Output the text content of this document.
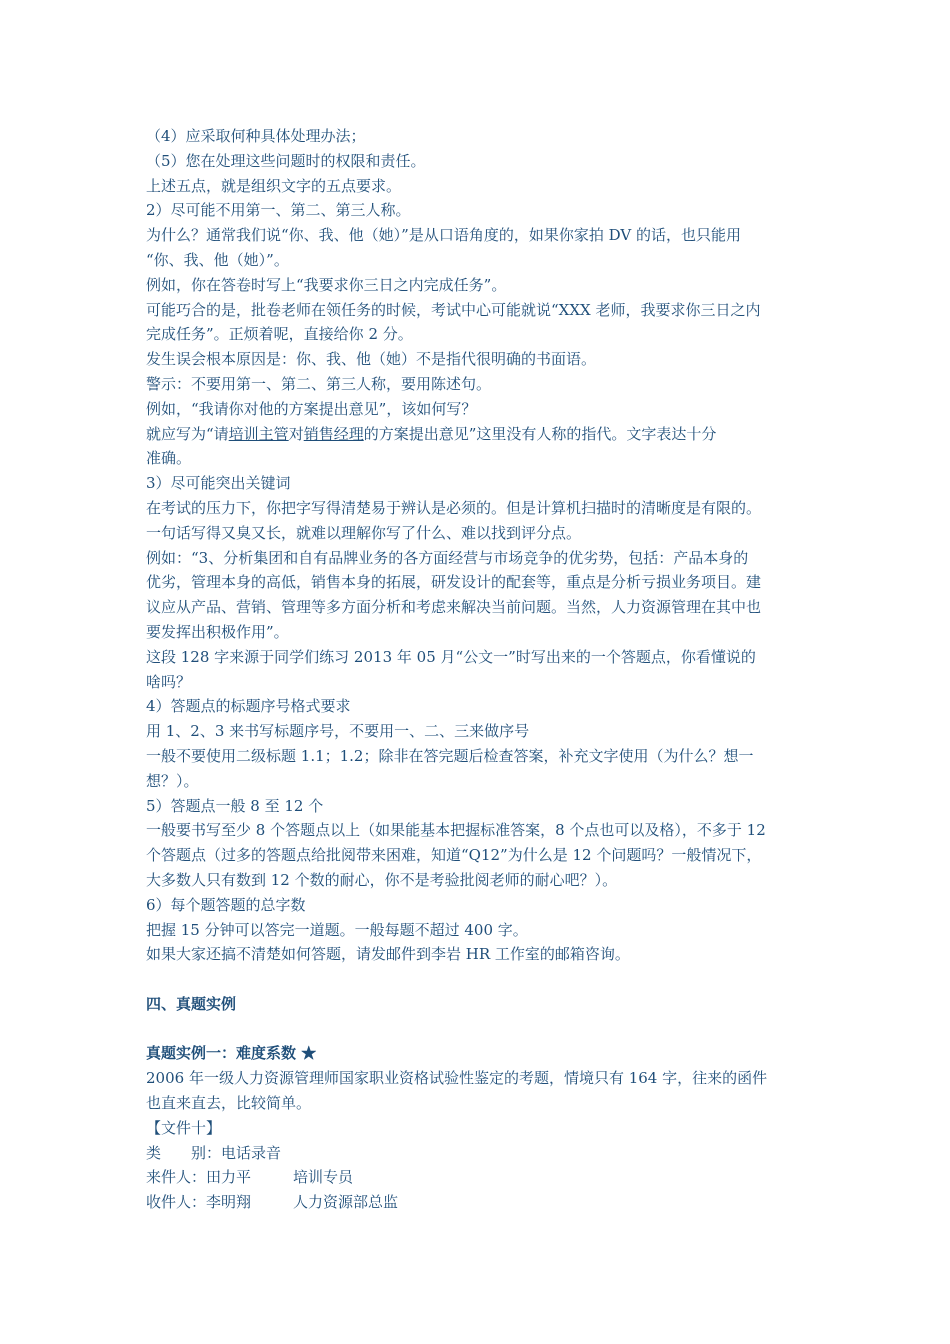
（4）应采取何种具体处理办法；
（5）您在处理这些问题时的权限和责任。
上述五点，就是组织文字的五点要求。
2）尽可能不用第一、第二、第三人称。
为什么？通常我们说“你、我、他（她）”是从口语角度的，如果你家拍 DV 的话，也只能用
“你、我、他（她）”。
例如，你在答卷时写上“我要求你三日之内完成任务”。
可能巧合的是，批卷老师在领任务的时候，考试中心可能就说“XXX 老师，我要求你三日之内
完成任务”。正烦着呢，直接给你 2 分。
发生误会根本原因是：你、我、他（她）不是指代很明确的书面语。
警示：不要用第一、第二、第三人称，要用陈述句。
例如，“我请你对他的方案提出意见”，该如何写？
就应写为“请培训主管对销售经理的方案提出意见”这里没有人称的指代。文字表达十分
准确。
3）尽可能突出关键词
在考试的压力下，你把字写得清楚易于辨认是必须的。但是计算机扫描时的清晰度是有限的。
一句话写得又臭又长，就难以理解你写了什么、难以找到评分点。
例如：“3、分析集团和自有品牌业务的各方面经营与市场竞争的优劣势，包括：产品本身的
优劣，管理本身的高低，销售本身的拓展，研发设计的配套等，重点是分析亏损业务项目。建
议应从产品、营销、管理等多方面分析和考虑来解决当前问题。当然，人力资源管理在其中也
要发挥出积极作用”。
这段 128 字来源于同学们练习 2013 年 05 月“公文一”时写出来的一个答题点，你看懂说的
啥吗？
4）答题点的标题序号格式要求
用 1、2、3 来书写标题序号，不要用一、二、三来做序号
一般不要使用二级标题 1.1；1.2；除非在答完题后检查答案，补充文字使用（为什么？想一
想？）。
5）答题点一般 8 至 12 个
一般要书写至少 8 个答题点以上（如果能基本把握标准答案，8 个点也可以及格），不多于 12
个答题点（过多的答题点给批阅带来困难，知道“Q12”为什么是 12 个问题吗？一般情况下，
大多数人只有数到 12 个数的耐心，你不是考验批阅老师的耐心吧？）。
6）每个题答题的总字数
把握 15 分钟可以答完一道题。一般每题不超过 400 字。
如果大家还搞不清楚如何答题，请发邮件到李岩 HR 工作室的邮箱咨询。
四、真题实例
真题实例一：难度系数 ★
2006 年一级人力资源管理师国家职业资格试验性鉴定的考题，情境只有 164 字，往来的函件
也直来直去，比较简单。
【文件十】
类　　别：电话录音
来件人：田力平	培训专员
收件人：李明翔	人力资源部总监
